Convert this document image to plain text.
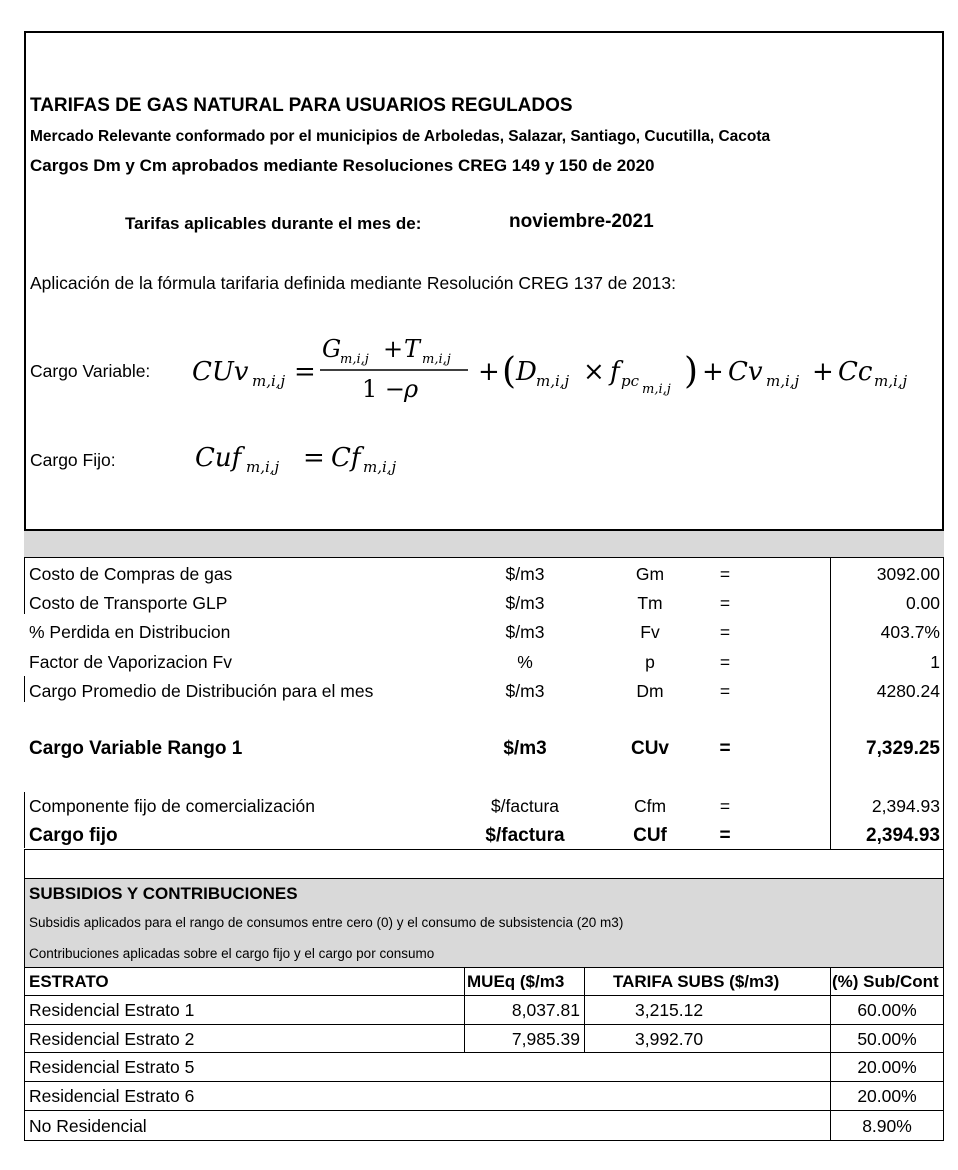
TARIFAS DE GAS NATURAL PARA USUARIOS REGULADOS
Mercado Relevante conformado por el municipios de Arboledas, Salazar, Santiago, Cucutilla, Cacota
Cargos Dm y Cm aprobados mediante Resoluciones CREG 149 y 150 de 2020
Tarifas aplicables durante el mes de:	noviembre-2021
Aplicación de la fórmula tarifaria definida mediante Resolución CREG 137 de 2013:
Cargo Variable: CUv m,i,j =
G
m,i,j + T m,i,j
1 −
ρ
+ ( D m,i,j × f pc m,i,j ) + Cv m,i,j + Cc m,i,j
Cargo Fijo:	Cuf m,i,j = Cf m,i,j
Costo de Compras de gas	$/m3	Gm	=	3092.00
Costo de Transporte GLP	$/m3	Tm	=	0.00
% Perdida en Distribucion	$/m3	Fv	=	403.7%
Factor de Vaporizacion Fv	%	p	=	1
Cargo Promedio de Distribución para el mes	$/m3	Dm	=	4280.24
Cargo Variable Rango 1	$/m3	CUv	=	7,329.25
Componente fijo de comercialización	$/factura	Cfm	=	2,394.93
Cargo fijo	$/factura	CUf	=	2,394.93
SUBSIDIOS Y CONTRIBUCIONES
Subsidis aplicados para el rango de consumos entre cero (0) y el consumo de subsistencia (20 m3)
Contribuciones aplicadas sobre el cargo fijo y el cargo por consumo
ESTRATO	MUEq ($/m3	TARIFA SUBS ($/m3)	Sub/Cont (%)
Residencial Estrato 1	8,037.81	3,215.12	60.00%
Residencial Estrato 2	7,985.39	3,992.70	50.00%
Residencial Estrato 5	20.00%
Residencial Estrato 6	20.00%
No Residencial	8.90%
